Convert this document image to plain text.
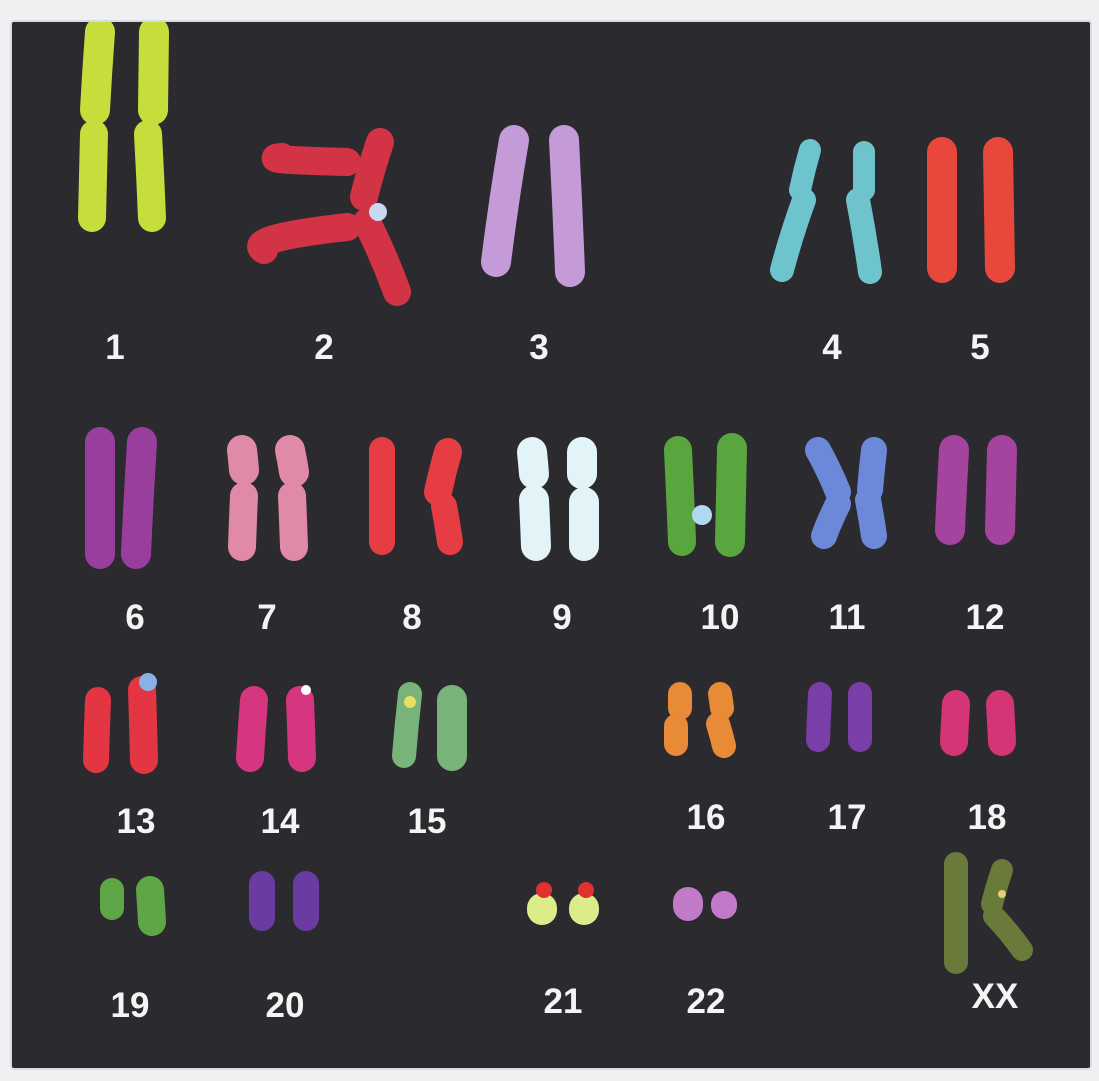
1	2	3	4	5
6	7	8	9	10	11	12
13	14	15	16	17	18
19	20	21	22	XX
